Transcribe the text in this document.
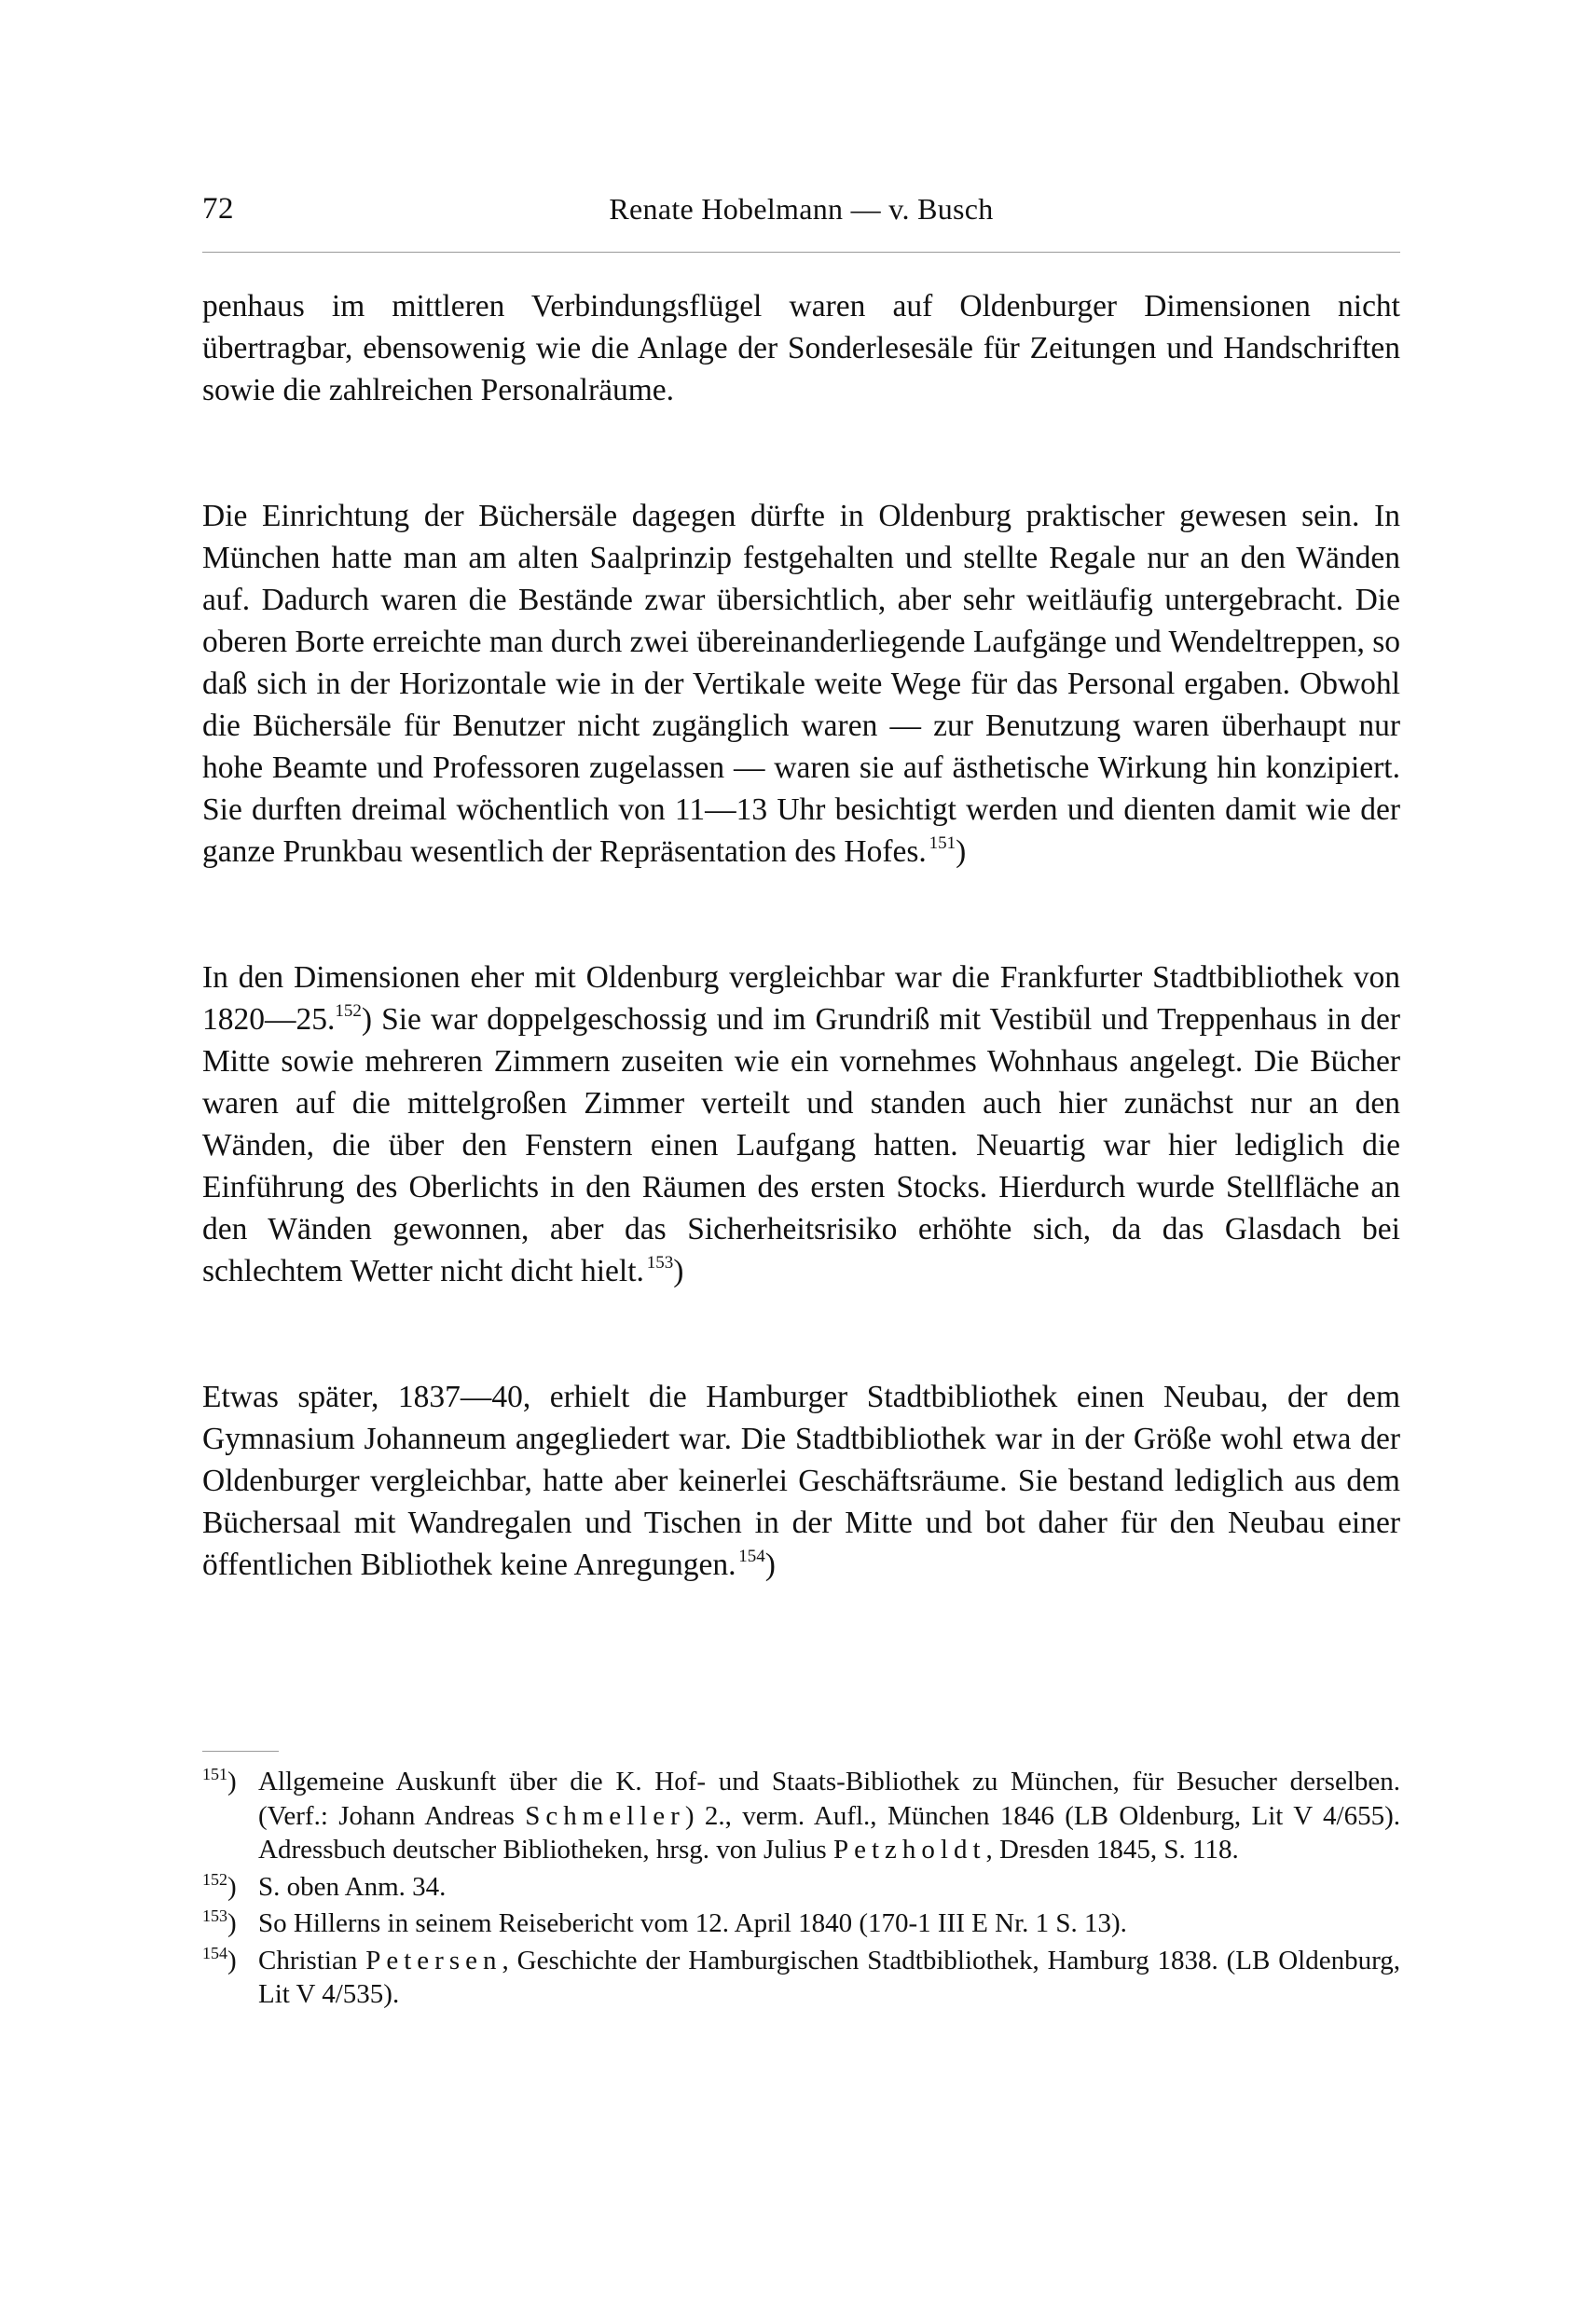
72	Renate Hobelmann — v. Busch

penhaus im mittleren Verbindungsflügel waren auf Oldenburger Dimensionen nicht übertragbar, ebensowenig wie die Anlage der Sonderlesesäle für Zeitungen und Handschriften sowie die zahlreichen Personalräume.

Die Einrichtung der Büchersäle dagegen dürfte in Oldenburg praktischer gewesen sein. In München hatte man am alten Saalprinzip festgehalten und stellte Regale nur an den Wänden auf. Dadurch waren die Bestände zwar übersichtlich, aber sehr weitläufig untergebracht. Die oberen Borte erreichte man durch zwei übereinanderliegende Laufgänge und Wendeltreppen, so daß sich in der Horizontale wie in der Vertikale weite Wege für das Personal ergaben. Obwohl die Büchersäle für Benutzer nicht zugänglich waren — zur Benutzung waren überhaupt nur hohe Beamte und Professoren zugelassen — waren sie auf ästhetische Wirkung hin konzipiert. Sie durften dreimal wöchentlich von 11—13 Uhr besichtigt werden und dienten damit wie der ganze Prunkbau wesentlich der Repräsentation des Hofes.  $^{151}$)

In den Dimensionen eher mit Oldenburg vergleichbar war die Frankfurter Stadtbibliothek von 1820—25.$^{152}$) Sie war doppelgeschossig und im Grundriß mit Vestibül und Treppenhaus in der Mitte sowie mehreren Zimmern zuseiten wie ein vornehmes Wohnhaus angelegt. Die Bücher waren auf die mittelgroßen Zimmer verteilt und standen auch hier zunächst nur an den Wänden, die über den Fenstern einen Laufgang hatten. Neuartig war hier lediglich die Einführung des Oberlichts in den Räumen des ersten Stocks. Hierdurch wurde Stellfläche an den Wänden gewonnen, aber das Sicherheitsrisiko erhöhte sich, da das Glasdach bei schlechtem Wetter nicht dicht hielt.  $^{153}$)

Etwas später, 1837—40, erhielt die Hamburger Stadtbibliothek einen Neubau, der dem Gymnasium Johanneum angegliedert war. Die Stadtbibliothek war in der Größe wohl etwa der Oldenburger vergleichbar, hatte aber keinerlei Geschäftsräume. Sie bestand lediglich aus dem Büchersaal mit Wandregalen und Tischen in der Mitte und bot daher für den Neubau einer öffentlichen Bibliothek keine Anregungen.  $^{154}$)

$^{151}$) Allgemeine Auskunft über die K. Hof- und Staats-Bibliothek zu München, für Besucher derselben. (Verf.: Johann Andreas Schmeller) 2., verm. Aufl., München 1846 (LB Oldenburg, Lit V 4/655). Adressbuch deutscher Bibliotheken, hrsg. von Julius Petzholdt, Dresden 1845, S. 118.
$^{152}$) S. oben Anm. 34.
$^{153}$) So Hillerns in seinem Reisebericht vom 12. April 1840 (170-1 III E Nr. 1 S. 13).
$^{154}$) Christian Petersen, Geschichte der Hamburgischen Stadtbibliothek, Hamburg 1838. (LB Oldenburg, Lit V 4/535).
